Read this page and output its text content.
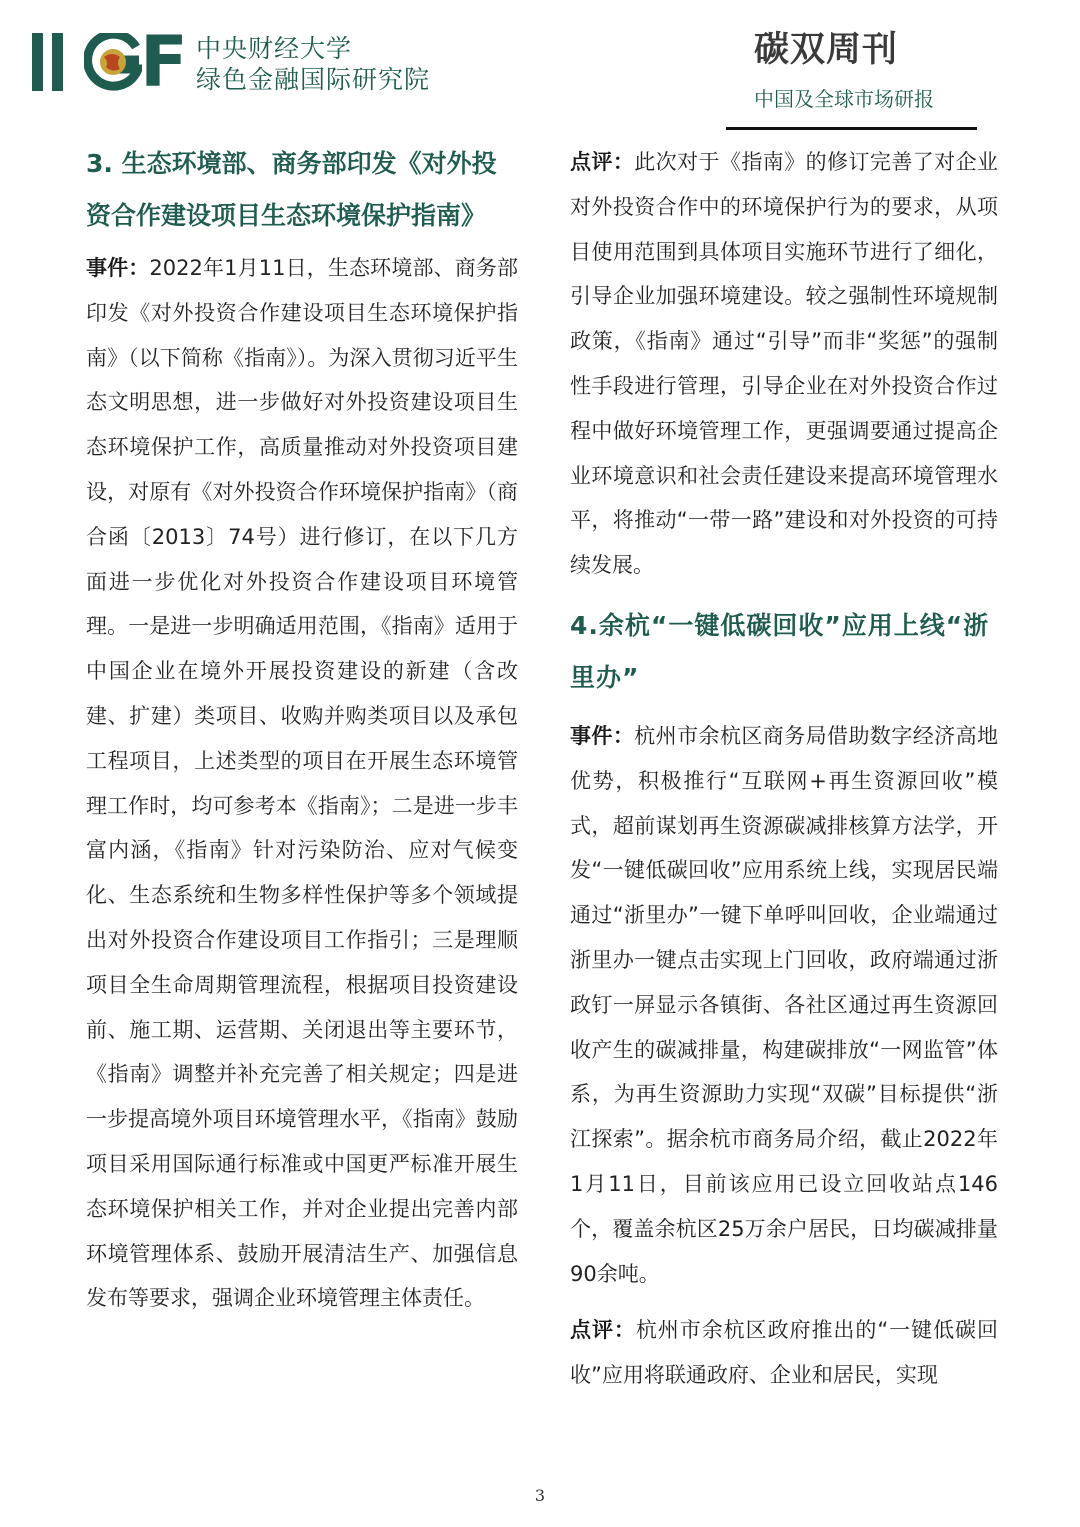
F 中央财经大学
绿色金融国际研究院
碳双周刊
中国及全球市场研报
3. 生态环境部、商务部印发《对外投资合作建设项目生态环境保护指南》

事件：2022年1月11日，生态环境部、商务部印发《对外投资合作建设项目生态环境保护指南》（以下简称《指南》）。为深入贯彻习近平生态文明思想，进一步做好对外投资建设项目生态环境保护工作，高质量推动对外投资项目建设，对原有《对外投资合作环境保护指南》（商合函〔2013〕74号）进行修订，在以下几方面进一步优化对外投资合作建设项目环境管理。一是进一步明确适用范围，《指南》适用于中国企业在境外开展投资建设的新建（含改建、扩建）类项目、收购并购类项目以及承包工程项目，上述类型的项目在开展生态环境管理工作时，均可参考本《指南》；二是进一步丰富内涵，《指南》针对污染防治、应对气候变化、生态系统和生物多样性保护等多个领域提出对外投资合作建设项目工作指引；三是理顺项目全生命周期管理流程，根据项目投资建设前、施工期、运营期、关闭退出等主要环节，《指南》调整并补充完善了相关规定；四是进一步提高境外项目环境管理水平，《指南》鼓励项目采用国际通行标准或中国更严标准开展生态环境保护相关工作，并对企业提出完善内部环境管理体系、鼓励开展清洁生产、加强信息发布等要求，强调企业环境管理主体责任。

点评：此次对于《指南》的修订完善了对企业对外投资合作中的环境保护行为的要求，从项目使用范围到具体项目实施环节进行了细化，引导企业加强环境建设。较之强制性环境规制政策，《指南》通过“引导”而非“奖惩”的强制性手段进行管理，引导企业在对外投资合作过程中做好环境管理工作，更强调要通过提高企业环境意识和社会责任建设来提高环境管理水平，将推动“一带一路”建设和对外投资的可持续发展。

4.余杭“一键低碳回收”应用上线“浙里办”

事件：杭州市余杭区商务局借助数字经济高地优势，积极推行“互联网+再生资源回收”模式，超前谋划再生资源碳减排核算方法学，开发“一键低碳回收”应用系统上线，实现居民端通过“浙里办”一键下单呼叫回收，企业端通过浙里办一键点击实现上门回收，政府端通过浙政钉一屏显示各镇街、各社区通过再生资源回收产生的碳减排量，构建碳排放“一网监管”体系，为再生资源助力实现“双碳”目标提供“浙江探索”。据余杭市商务局介绍，截止2022年1月11日，目前该应用已设立回收站点146个，覆盖余杭区25万余户居民，日均碳减排量90余吨。

点评：杭州市余杭区政府推出的“一键低碳回收”应用将联通政府、企业和居民，实现

3
